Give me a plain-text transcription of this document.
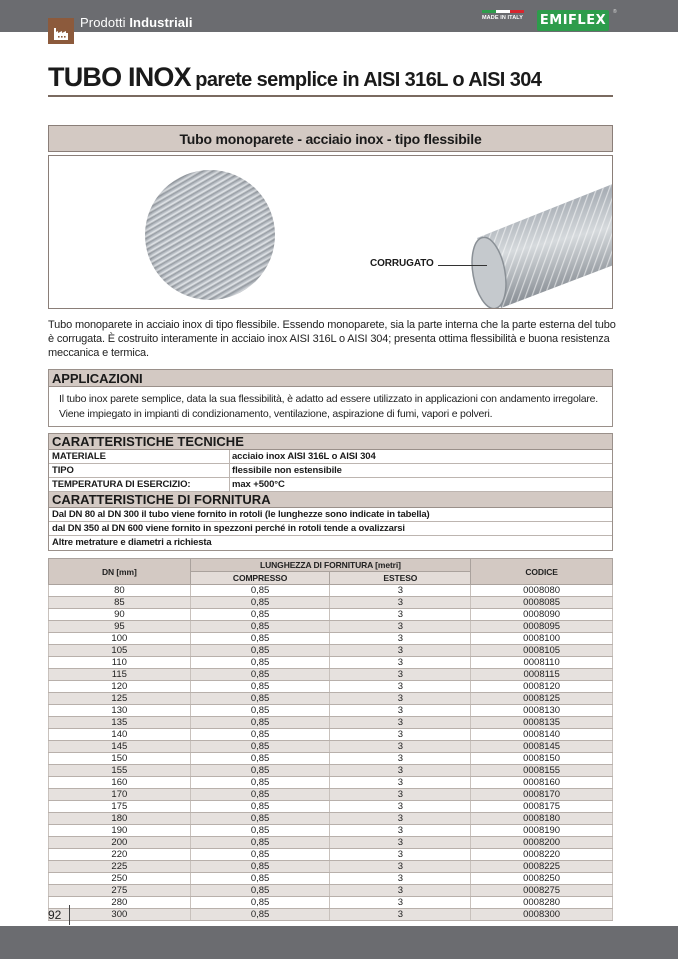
Prodotti Industriali	MADE IN ITALY	EMIFLEX
®
TUBO INOX parete semplice in AISI 316L o AISI 304
Tubo monoparete - acciaio inox - tipo flessibile
CORRUGATO
Tubo monoparete in acciaio inox di tipo flessibile. Essendo monoparete, sia la parte interna che la parte esterna del tubo è corrugata. È costruito interamente in acciaio inox AISI 316L o AISI 304; presenta ottima flessibilità e buona resistenza meccanica e termica.
APPLICAZIONI
Il tubo inox parete semplice, data la sua flessibilità, è adatto ad essere utilizzato in applicazioni con andamento irregolare.
Viene impiegato in impianti di condizionamento, ventilazione, aspirazione di fumi, vapori e polveri.
CARATTERISTICHE TECNICHE
MATERIALE	acciaio inox AISI 316L o AISI 304
TIPO	flessibile non estensibile
TEMPERATURA DI ESERCIZIO:	max +500°C
CARATTERISTICHE DI FORNITURA
Dal DN 80 al DN 300 il tubo viene fornito in rotoli (le lunghezze sono indicate in tabella)
dal DN 350 al DN 600 viene fornito in spezzoni perché in rotoli tende a ovalizzarsi
Altre metrature e diametri a richiesta
DN [mm]	LUNGHEZZA DI FORNITURA [metri]		CODICE
	COMPRESSO	ESTESO	
80	0,85	3	0008080
85	0,85	3	0008085
90	0,85	3	0008090
95	0,85	3	0008095
100	0,85	3	0008100
105	0,85	3	0008105
110	0,85	3	0008110
115	0,85	3	0008115
120	0,85	3	0008120
125	0,85	3	0008125
130	0,85	3	0008130
135	0,85	3	0008135
140	0,85	3	0008140
145	0,85	3	0008145
150	0,85	3	0008150
155	0,85	3	0008155
160	0,85	3	0008160
170	0,85	3	0008170
175	0,85	3	0008175
180	0,85	3	0008180
190	0,85	3	0008190
200	0,85	3	0008200
220	0,85	3	0008220
225	0,85	3	0008225
250	0,85	3	0008250
275	0,85	3	0008275
280	0,85	3	0008280
300	0,85	3	0008300
92
